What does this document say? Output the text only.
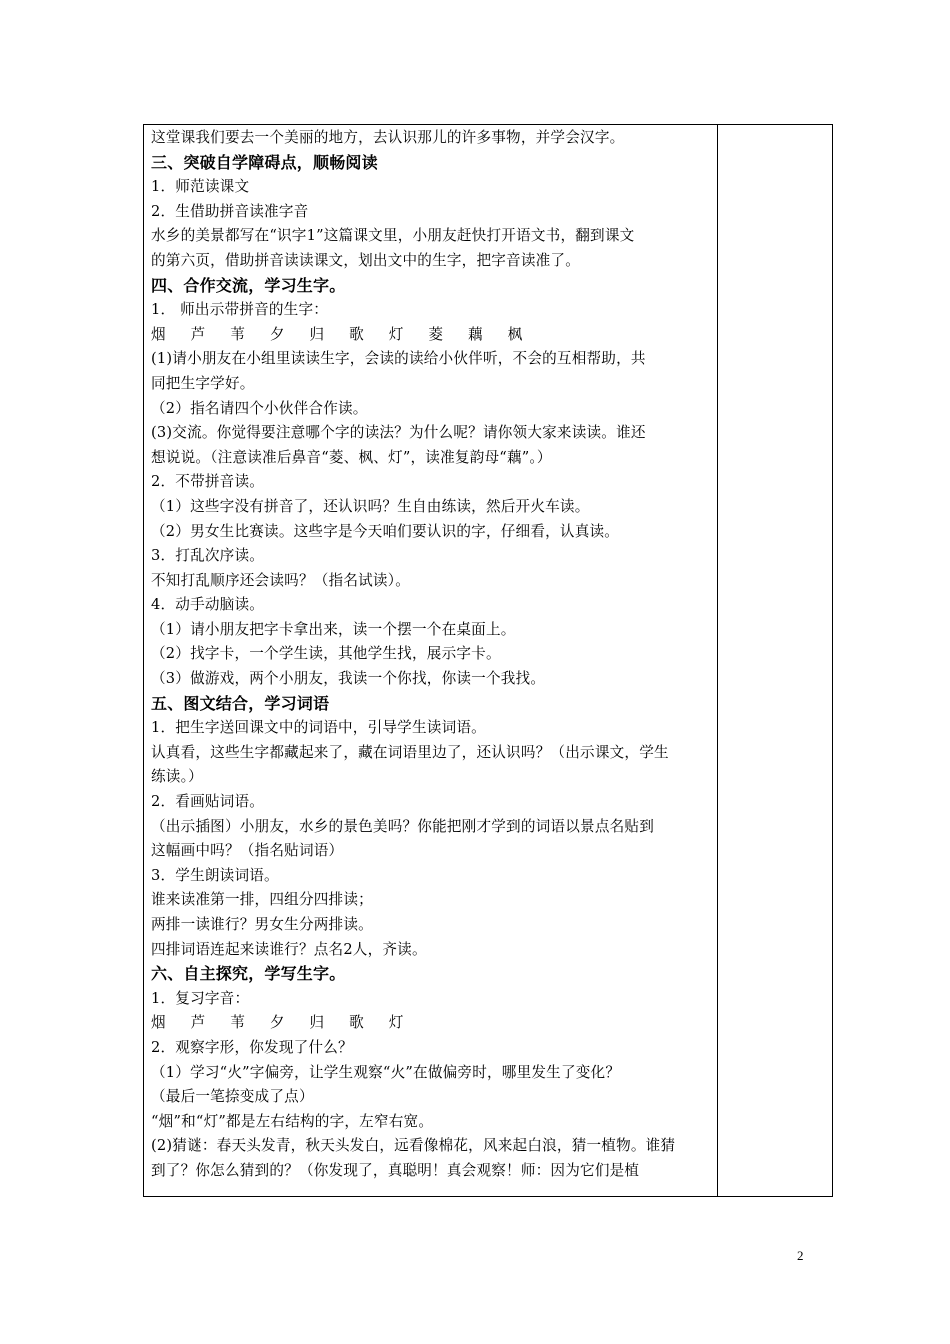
这堂课我们要去一个美丽的地方，去认识那儿的许多事物，并学会汉字。
三、突破自学障碍点，顺畅阅读
1．师范读课文
2．生借助拼音读准字音
水乡的美景都写在“识字1”这篇课文里，小朋友赶快打开语文书，翻到课文
的第六页，借助拼音读读课文，划出文中的生字，把字音读准了。
四、合作交流，学习生字。
1． 师出示带拼音的生字：
烟 芦 苇 夕 归 歌 灯 菱 藕 枫
(1)请小朋友在小组里读读生字，会读的读给小伙伴听，不会的互相帮助，共
同把生字学好。
（2）指名请四个小伙伴合作读。
(3)交流。你觉得要注意哪个字的读法？为什么呢？请你领大家来读读。谁还
想说说。（注意读准后鼻音“菱、枫、灯”，读准复韵母“藕”。）
2．不带拼音读。
（1）这些字没有拼音了，还认识吗？生自由练读，然后开火车读。
（2）男女生比赛读。这些字是今天咱们要认识的字，仔细看，认真读。
3．打乱次序读。
不知打乱顺序还会读吗？（指名试读）。
4．动手动脑读。
（1）请小朋友把字卡拿出来，读一个摆一个在桌面上。
（2）找字卡，一个学生读，其他学生找，展示字卡。
（3）做游戏，两个小朋友，我读一个你找，你读一个我找。
五、图文结合，学习词语
1．把生字送回课文中的词语中，引导学生读词语。
认真看，这些生字都藏起来了，藏在词语里边了，还认识吗？（出示课文，学生
练读。）
2．看画贴词语。
（出示插图）小朋友，水乡的景色美吗？你能把刚才学到的词语以景点名贴到
这幅画中吗？（指名贴词语）
3．学生朗读词语。
谁来读准第一排，四组分四排读；
两排一读谁行？男女生分两排读。
四排词语连起来读谁行？点名2人，齐读。
六、自主探究，学写生字。
1．复习字音：
烟 芦 苇 夕 归 歌 灯
2．观察字形，你发现了什么？
（1）学习“火”字偏旁，让学生观察“火”在做偏旁时，哪里发生了变化？
（最后一笔捺变成了点）
“烟”和“灯”都是左右结构的字，左窄右宽。
(2)猜谜：春天头发青，秋天头发白，远看像棉花，风来起白浪，猜一植物。谁猜
到了？你怎么猜到的？（你发现了，真聪明！真会观察！师：因为它们是植
2
